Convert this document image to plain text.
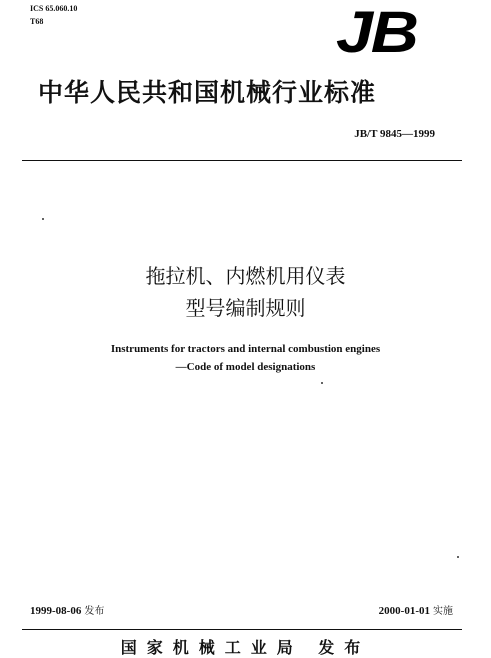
ICS 65.060.10
T68	JB
中华人民共和国机械行业标准
JB/T 9845—1999
拖拉机、内燃机用仪表
型号编制规则
Instruments for tractors and internal combustion engines
—Code of model designations
1999-08-06 发布	2000-01-01 实施
国家机械工业局 发布
